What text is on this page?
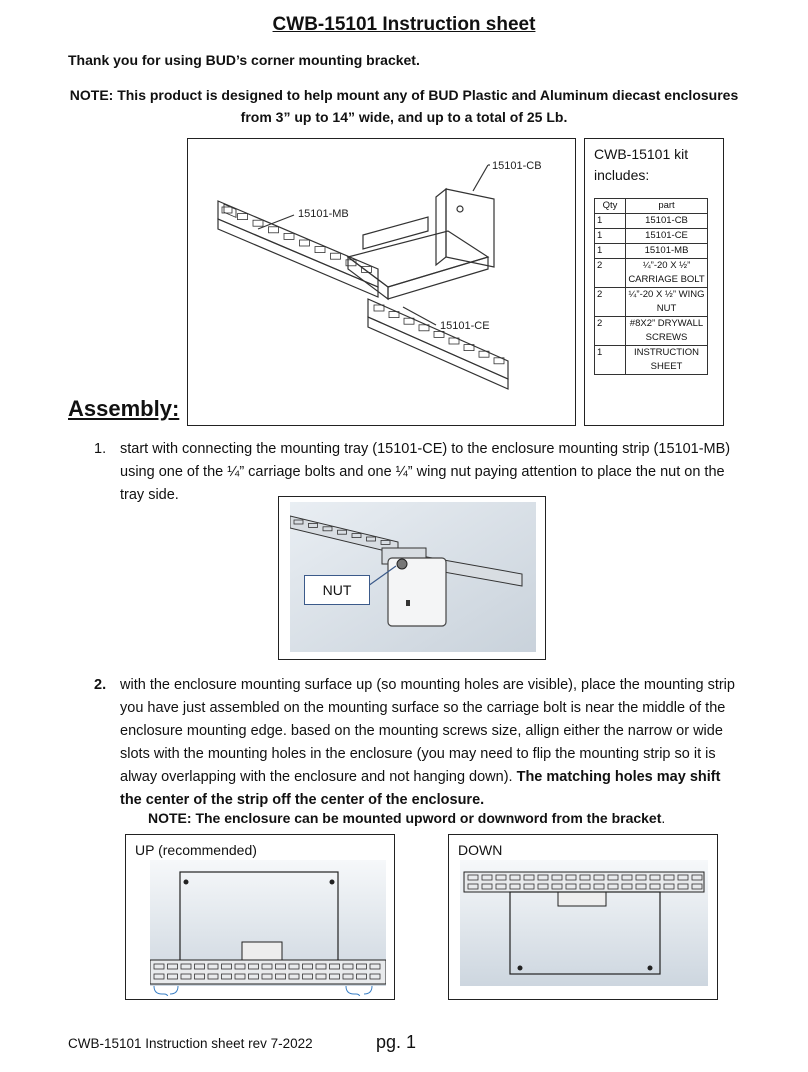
CWB-15101 Instruction sheet
Thank you for using BUD’s corner mounting bracket.
NOTE: This product is designed to help mount any of BUD Plastic and Aluminum diecast enclosures
from 3” up to 14” wide, and up to a total of 25 Lb.
15101-CB
15101-MB
15101-CE
CWB-15101 kit includes:
Qty	part
1	15101-CB
1	15101-CE
1	15101-MB
2	¼”-20 X ½” CARRIAGE BOLT
2	¼”-20 X ½” WING NUT
2	#8X2” DRYWALL SCREWS
1	INSTRUCTION SHEET
Assembly:
1. start with connecting the mounting tray (15101-CE) to the enclosure mounting strip (15101-MB) using one of the ¼” carriage bolts and one ¼” wing nut paying attention to place the nut on the tray side.
NUT
2. with the enclosure mounting surface up (so mounting holes are visible), place the mounting strip you have just assembled on the mounting surface so the carriage bolt is near the middle of the enclosure mounting edge. based on the mounting screws size, allign either the narrow or wide slots with the mounting holes in the enclosure (you may need to flip the mounting strip so it is alway overlapping with the enclosure and not hanging down). The matching holes may shift the center of the strip off the center of the enclosure.
NOTE: The enclosure can be mounted upword or downword from the bracket.
UP (recommended)	DOWN
CWB-15101 Instruction sheet rev 7-2022	pg. 1
